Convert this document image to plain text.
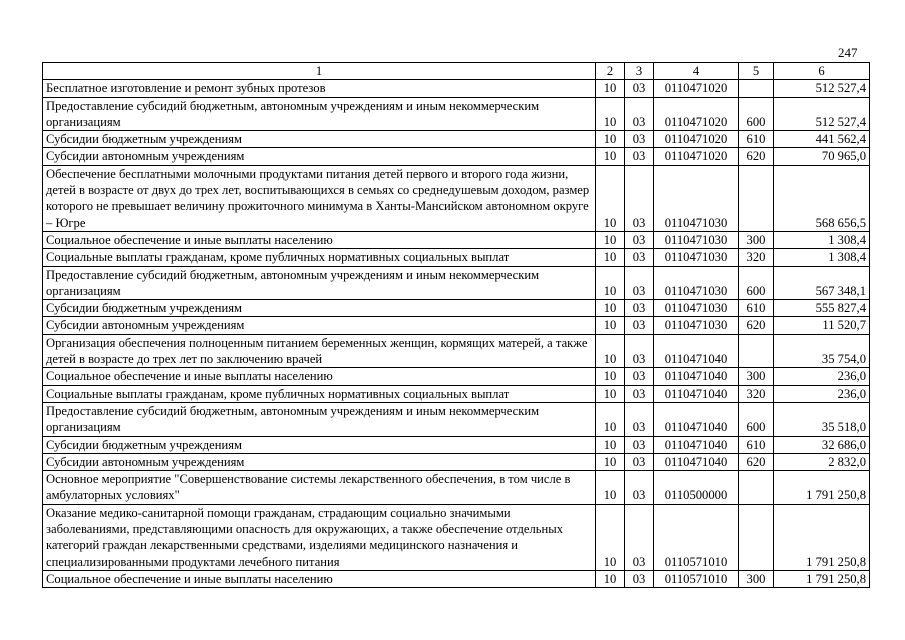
247
1	2	3	4	5	6
Бесплатное изготовление и ремонт зубных протезов	10	03	0110471020		512 527,4
Предоставление субсидий бюджетным, автономным учреждениям и иным некоммерческим организациям	10	03	0110471020	600	512 527,4
Субсидии бюджетным учреждениям	10	03	0110471020	610	441 562,4
Субсидии автономным учреждениям	10	03	0110471020	620	70 965,0
Обеспечение бесплатными молочными продуктами питания детей первого и второго года жизни, детей в возрасте от двух до трех лет, воспитывающихся в семьях со среднедушевым доходом, размер которого не превышает величину прожиточного минимума в Ханты-Мансийском автономном округе – Югре	10	03	0110471030		568 656,5
Социальное обеспечение и иные выплаты населению	10	03	0110471030	300	1 308,4
Социальные выплаты гражданам, кроме публичных нормативных социальных выплат	10	03	0110471030	320	1 308,4
Предоставление субсидий бюджетным, автономным учреждениям и иным некоммерческим организациям	10	03	0110471030	600	567 348,1
Субсидии бюджетным учреждениям	10	03	0110471030	610	555 827,4
Субсидии автономным учреждениям	10	03	0110471030	620	11 520,7
Организация обеспечения полноценным питанием беременных женщин, кормящих матерей, а также детей в возрасте до трех лет по заключению врачей	10	03	0110471040		35 754,0
Социальное обеспечение и иные выплаты населению	10	03	0110471040	300	236,0
Социальные выплаты гражданам, кроме публичных нормативных социальных выплат	10	03	0110471040	320	236,0
Предоставление субсидий бюджетным, автономным учреждениям и иным некоммерческим организациям	10	03	0110471040	600	35 518,0
Субсидии бюджетным учреждениям	10	03	0110471040	610	32 686,0
Субсидии автономным учреждениям	10	03	0110471040	620	2 832,0
Основное мероприятие "Совершенствование системы лекарственного обеспечения, в том числе в амбулаторных условиях"	10	03	0110500000		1 791 250,8
Оказание медико-санитарной помощи гражданам, страдающим социально значимыми заболеваниями, представляющими опасность для окружающих, а также обеспечение отдельных категорий граждан лекарственными средствами, изделиями медицинского назначения и специализированными продуктами лечебного питания	10	03	0110571010		1 791 250,8
Социальное обеспечение и иные выплаты населению	10	03	0110571010	300	1 791 250,8
